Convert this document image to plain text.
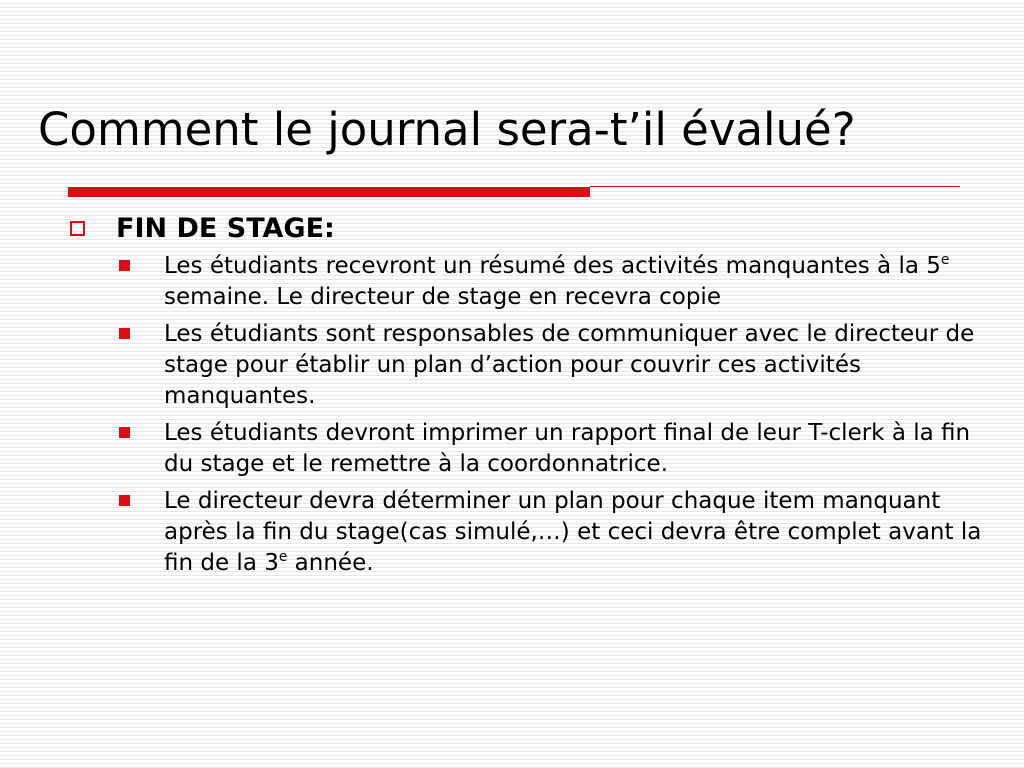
Comment le journal sera-t’il évalué?
FIN DE STAGE:
Les étudiants recevront un résumé des activités manquantes à la 5e semaine. Le directeur de stage en recevra copie
Les étudiants sont responsables de communiquer avec le directeur de stage pour établir un plan d’action pour couvrir ces activités manquantes.
Les étudiants devront imprimer un rapport final de leur T-clerk à la fin du stage et le remettre à la coordonnatrice.
Le directeur devra déterminer un plan pour chaque item manquant après la fin du stage(cas simulé,…) et ceci devra être complet avant la fin de la 3e année.
